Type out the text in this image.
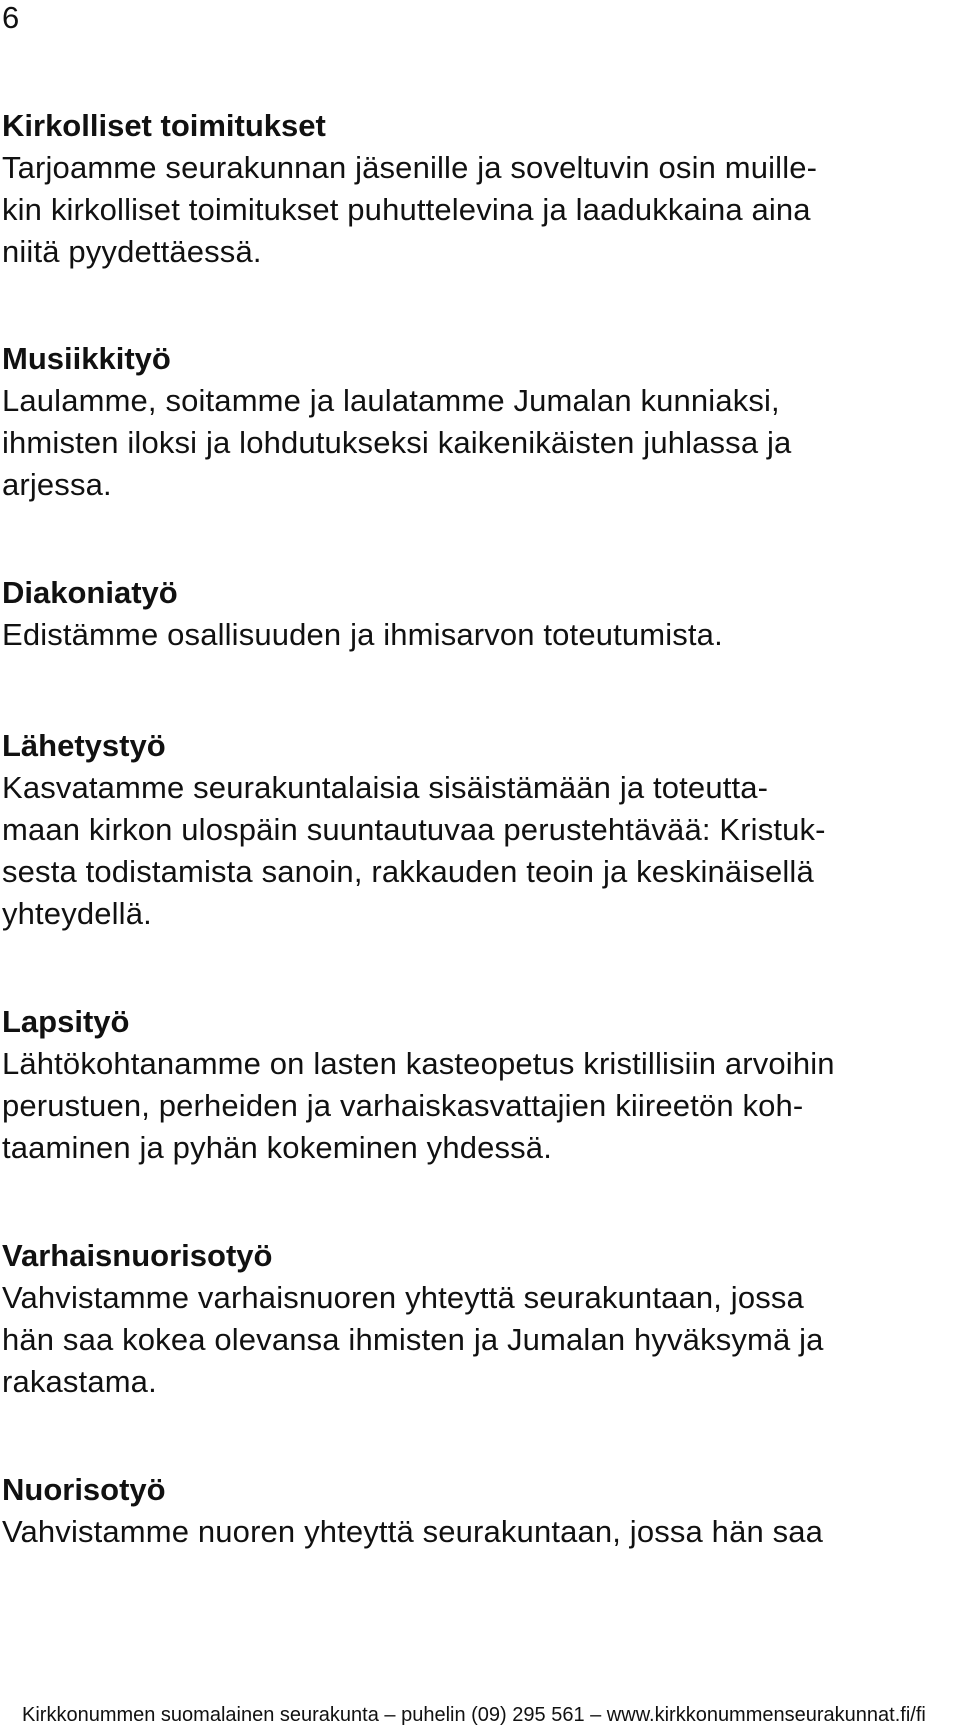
6
Kirkolliset toimitukset
Tarjoamme seurakunnan jäsenille ja soveltuvin osin muille-
kin kirkolliset toimitukset puhuttelevina ja laadukkaina aina
niitä pyydettäessä.
Musiikkityö
Laulamme, soitamme ja laulatamme Jumalan kunniaksi,
ihmisten iloksi ja lohdutukseksi kaikenikäisten juhlassa ja
arjessa.
Diakoniatyö
Edistämme osallisuuden ja ihmisarvon toteutumista.
Lähetystyö
Kasvatamme seurakuntalaisia sisäistämään ja toteutta-
maan kirkon ulospäin suuntautuvaa perustehtävää: Kristuk-
sesta todistamista sanoin, rakkauden teoin ja keskinäisellä
yhteydellä.
Lapsityö
Lähtökohtanamme on lasten kasteopetus kristillisiin arvoihin
perustuen, perheiden ja varhaiskasvattajien kiireetön koh-
taaminen ja pyhän kokeminen yhdessä.
Varhaisnuorisotyö
Vahvistamme varhaisnuoren yhteyttä seurakuntaan, jossa
hän saa kokea olevansa ihmisten ja Jumalan hyväksymä ja
rakastama.
Nuorisotyö
Vahvistamme nuoren yhteyttä seurakuntaan, jossa hän saa
Kirkkonummen suomalainen seurakunta – puhelin (09) 295 561 – www.kirkkonummenseurakunnat.fi/fi
